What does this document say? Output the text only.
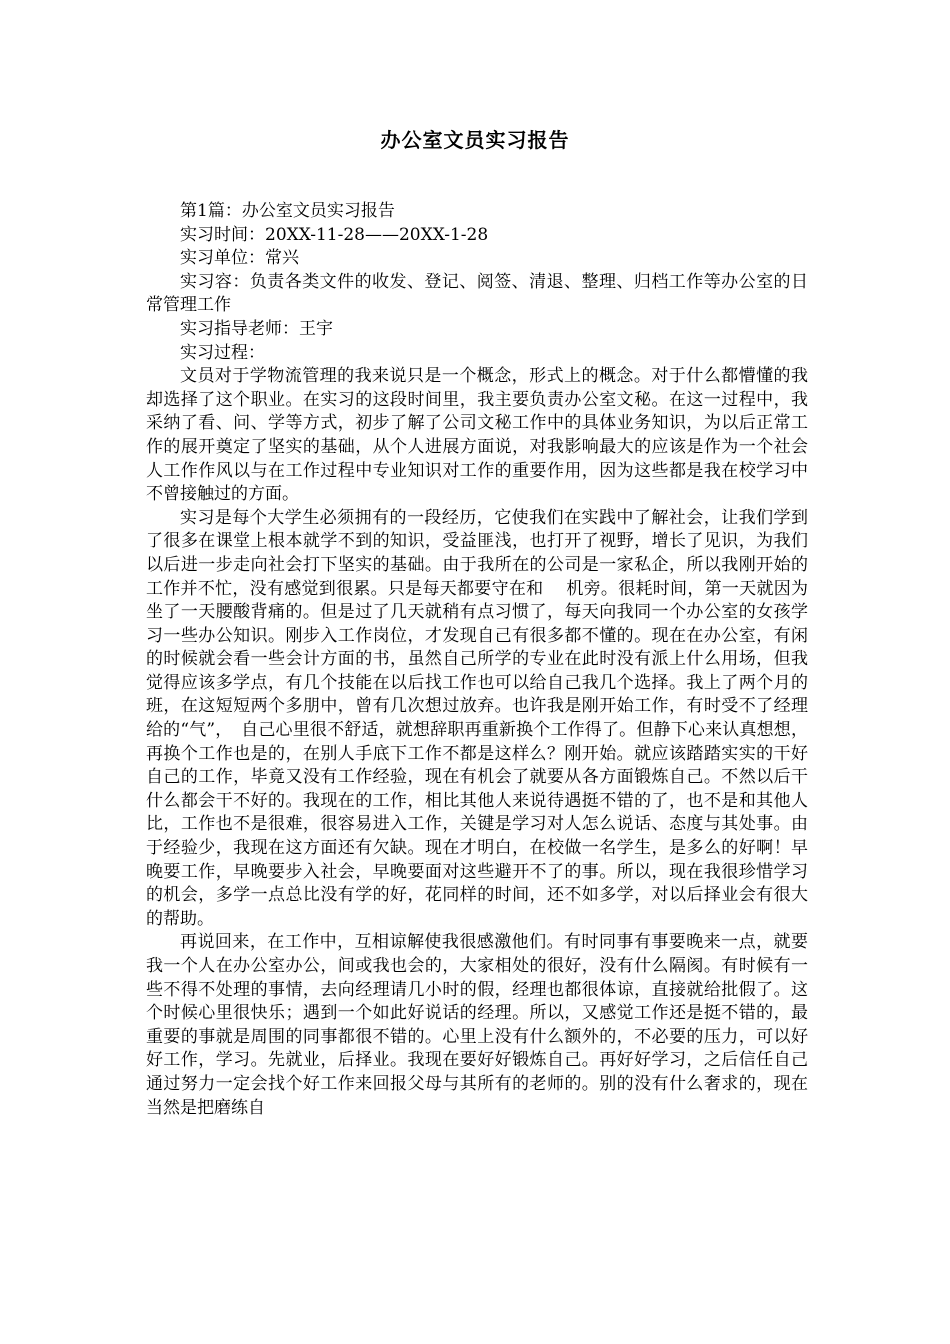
办公室文员实习报告

第1篇：办公室文员实习报告

实习时间：20XX-11-28——20XX-1-28

实习单位：常兴

实习容：负责各类文件的收发、登记、阅签、清退、整理、归档工作等办公室的日常管理工作

实习指导老师：王宇

实习过程：

文员对于学物流管理的我来说只是一个概念，形式上的概念。对于什么都懵懂的我却选择了这个职业。在实习的这段时间里，我主要负责办公室文秘。在这一过程中，我采纳了看、问、学等方式，初步了解了公司文秘工作中的具体业务知识，为以后正常工作的展开奠定了坚实的基础，从个人进展方面说，对我影响最大的应该是作为一个社会人工作作风以与在工作过程中专业知识对工作的重要作用，因为这些都是我在校学习中不曾接触过的方面。

实习是每个大学生必须拥有的一段经历，它使我们在实践中了解社会，让我们学到了很多在课堂上根本就学不到的知识，受益匪浅，也打开了视野，增长了见识，为我们以后进一步走向社会打下坚实的基础。由于我所在的公司是一家私企，所以我刚开始的工作并不忙，没有感觉到很累。只是每天都要守在和　 机旁。很耗时间，第一天就因为坐了一天腰酸背痛的。但是过了几天就稍有点习惯了，每天向我同一个办公室的女孩学习一些办公知识。刚步入工作岗位，才发现自己有很多都不懂的。现在在办公室，有闲的时候就会看一些会计方面的书，虽然自己所学的专业在此时没有派上什么用场，但我觉得应该多学点，有几个技能在以后找工作也可以给自己我几个选择。我上了两个月的班，在这短短两个多朋中，曾有几次想过放弃。也许我是刚开始工作，有时受不了经理给的“气”，　自己心里很不舒适，就想辞职再重新换个工作得了。但静下心来认真想想，再换个工作也是的，在别人手底下工作不都是这样么？刚开始。就应该踏踏实实的干好自己的工作，毕竟又没有工作经验，现在有机会了就要从各方面锻炼自己。不然以后干什么都会干不好的。我现在的工作，相比其他人来说待遇挺不错的了，也不是和其他人比，工作也不是很难，很容易进入工作，关键是学习对人怎么说话、态度与其处事。由于经验少，我现在这方面还有欠缺。现在才明白，在校做一名学生，是多么的好啊！早晚要工作，早晚要步入社会，早晚要面对这些避开不了的事。所以，现在我很珍惜学习的机会，多学一点总比没有学的好，花同样的时间，还不如多学，对以后择业会有很大的帮助。

再说回来，在工作中，互相谅解使我很感激他们。有时同事有事要晚来一点，就要我一个人在办公室办公，间或我也会的，大家相处的很好，没有什么隔阂。有时候有一些不得不处理的事情，去向经理请几小时的假，经理也都很体谅，直接就给批假了。这个时候心里很快乐；遇到一个如此好说话的经理。所以，又感觉工作还是挺不错的，最重要的事就是周围的同事都很不错的。心里上没有什么额外的，不必要的压力，可以好好工作，学习。先就业，后择业。我现在要好好锻炼自己。再好好学习，之后信任自己通过努力一定会找个好工作来回报父母与其所有的老师的。别的没有什么奢求的，现在当然是把磨练自
